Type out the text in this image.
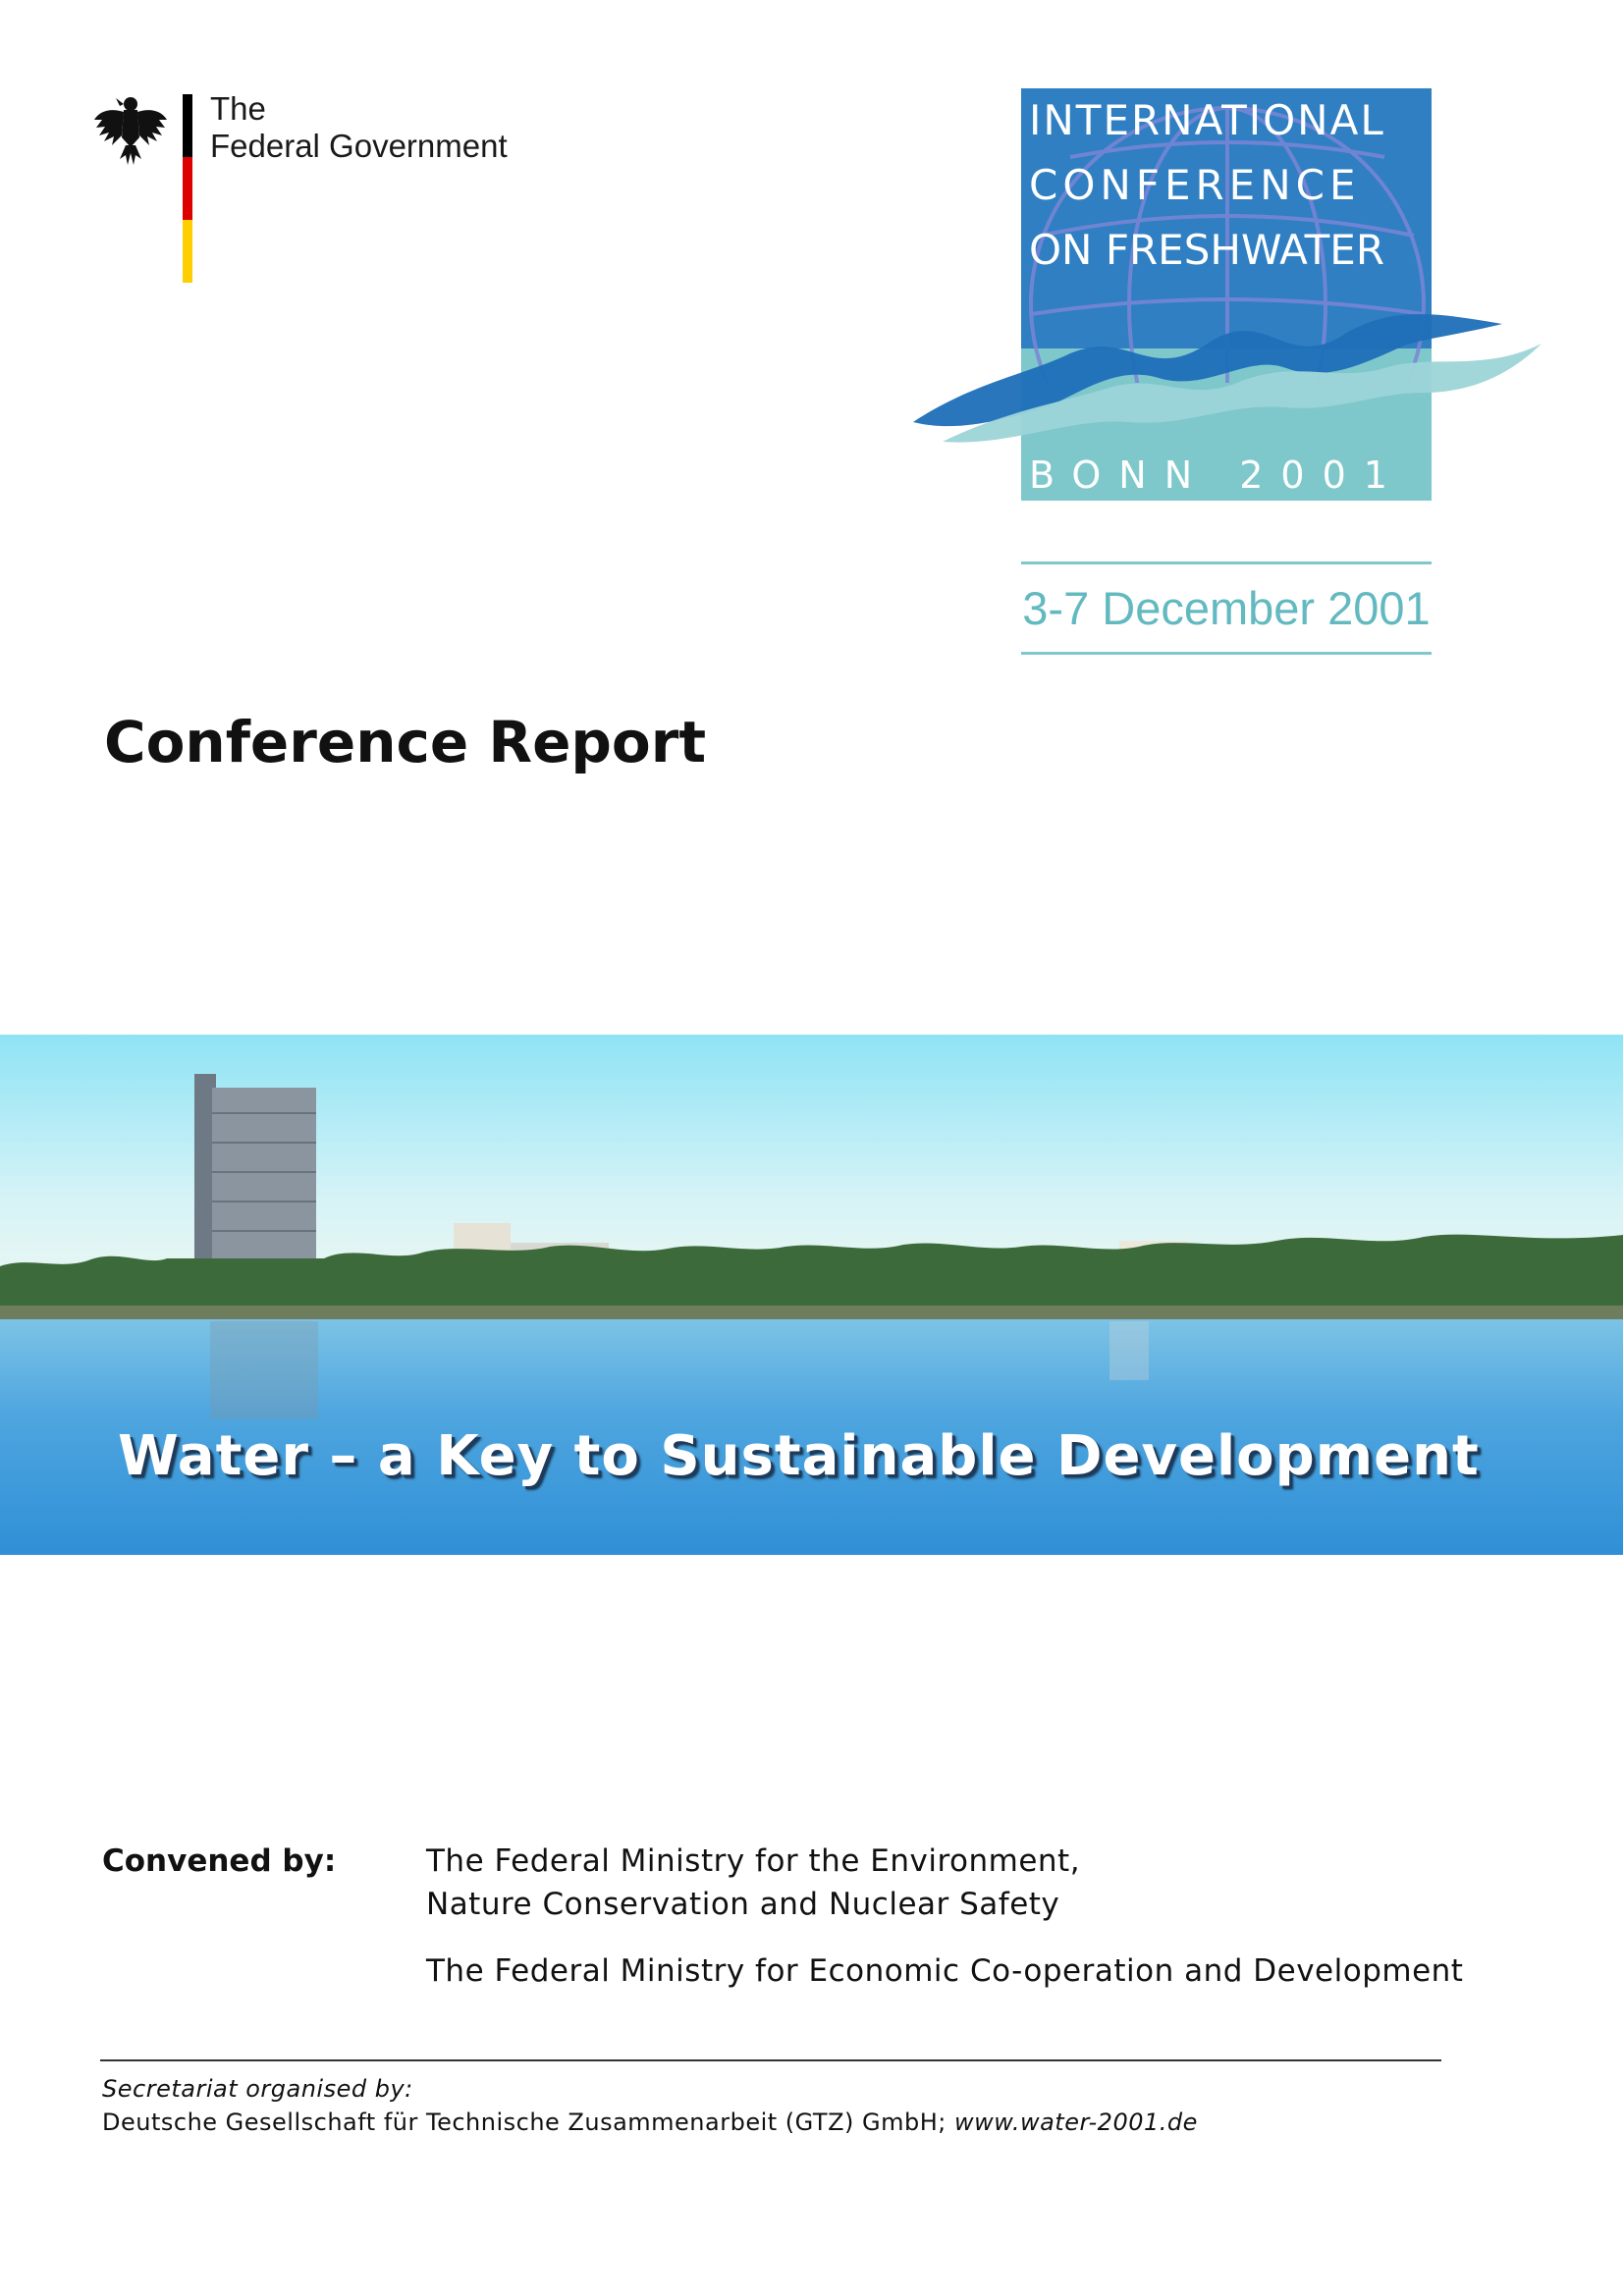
The
Federal Government
INTERNATIONAL
CONFERENCE
ON FRESHWATER
BONN 2001
3-7 December 2001
Conference Report
Water – a Key to Sustainable Development
Convened by:	The Federal Ministry for the Environment,
Nature Conservation and Nuclear Safety
The Federal Ministry for Economic Co-operation and Development
Secretariat organised by:
Deutsche Gesellschaft für Technische Zusammenarbeit (GTZ) GmbH; www.water-2001.de
